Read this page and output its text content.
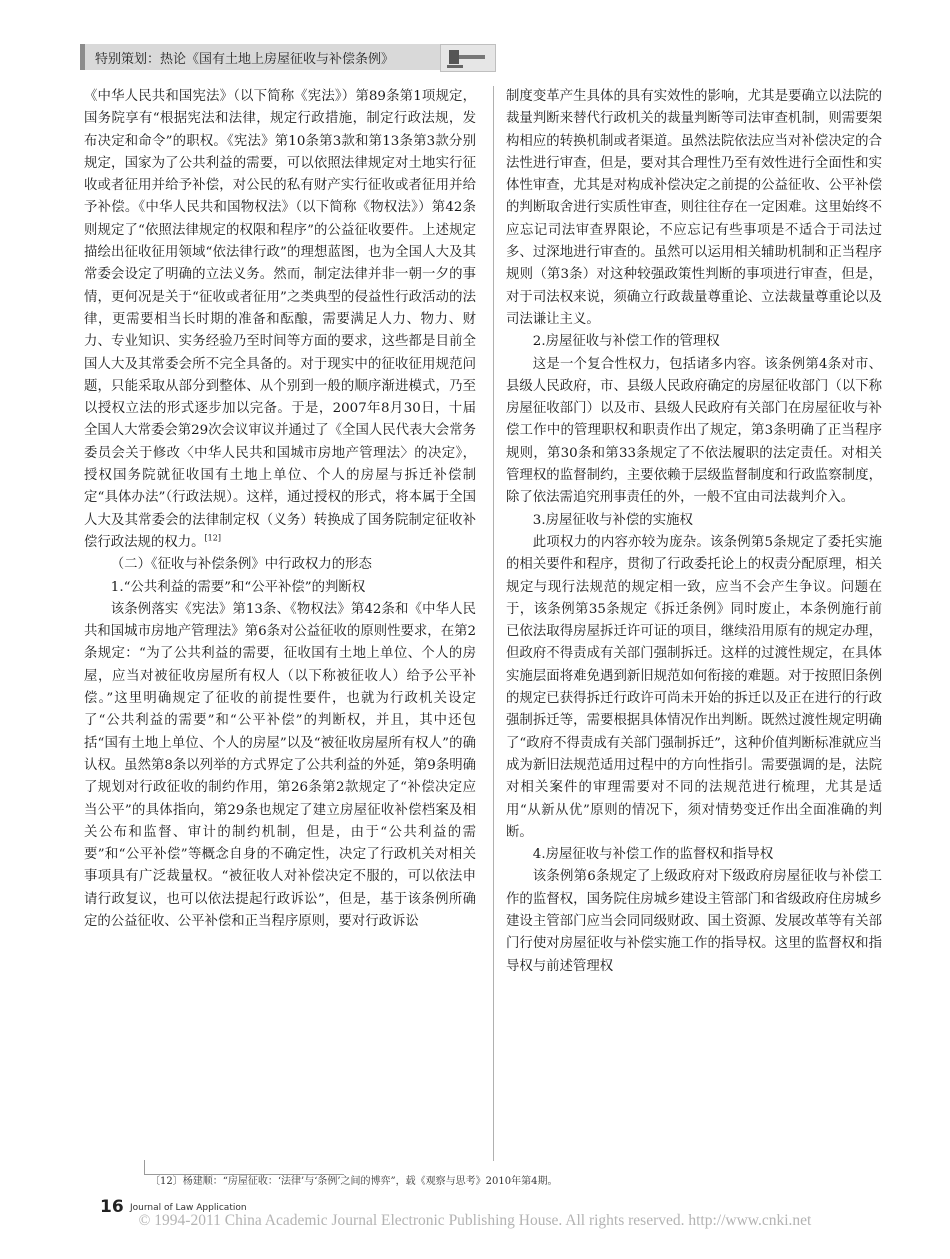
特别策划：热论《国有土地上房屋征收与补偿条例》

《中华人民共和国宪法》（以下简称《宪法》）第89条第1项规定，国务院享有“根据宪法和法律，规定行政措施，制定行政法规，发布决定和命令”的职权。《宪法》第10条第3款和第13条第3款分别规定，国家为了公共利益的需要，可以依照法律规定对土地实行征收或者征用并给予补偿，对公民的私有财产实行征收或者征用并给予补偿。《中华人民共和国物权法》（以下简称《物权法》）第42条则规定了“依照法律规定的权限和程序”的公益征收要件。上述规定描绘出征收征用领域“依法律行政”的理想蓝图，也为全国人大及其常委会设定了明确的立法义务。然而，制定法律并非一朝一夕的事情，更何况是关于“征收或者征用”之类典型的侵益性行政活动的法律，更需要相当长时期的准备和酝酿，需要满足人力、物力、财力、专业知识、实务经验乃至时间等方面的要求，这些都是目前全国人大及其常委会所不完全具备的。对于现实中的征收征用规范问题，只能采取从部分到整体、从个别到一般的顺序渐进模式，乃至以授权立法的形式逐步加以完备。于是，2007年8月30日，十届全国人大常委会第29次会议审议并通过了《全国人民代表大会常务委员会关于修改〈中华人民共和国城市房地产管理法〉的决定》，授权国务院就征收国有土地上单位、个人的房屋与拆迁补偿制定“具体办法”（行政法规）。这样，通过授权的形式，将本属于全国人大及其常委会的法律制定权（义务）转换成了国务院制定征收补偿行政法规的权力。[12]

（二）《征收与补偿条例》中行政权力的形态
1.“公共利益的需要”和“公平补偿”的判断权

该条例落实《宪法》第13条、《物权法》第42条和《中华人民共和国城市房地产管理法》第6条对公益征收的原则性要求，在第2条规定：“为了公共利益的需要，征收国有土地上单位、个人的房屋，应当对被征收房屋所有权人（以下称被征收人）给予公平补偿。”这里明确规定了征收的前提性要件，也就为行政机关设定了“公共利益的需要”和“公平补偿”的判断权，并且，其中还包括“国有土地上单位、个人的房屋”以及“被征收房屋所有权人”的确认权。虽然第8条以列举的方式界定了公共利益的外延，第9条明确了规划对行政征收的制约作用，第26条第2款规定了“补偿决定应当公平”的具体指向，第29条也规定了建立房屋征收补偿档案及相关公布和监督、审计的制约机制，但是，由于“公共利益的需要”和“公平补偿”等概念自身的不确定性，决定了行政机关对相关事项具有广泛裁量权。“被征收人对补偿决定不服的，可以依法申请行政复议，也可以依法提起行政诉讼”，但是，基于该条例所确定的公益征收、公平补偿和正当程序原则，要对行政诉讼

制度变革产生具体的具有实效性的影响，尤其是要确立以法院的裁量判断来替代行政机关的裁量判断等司法审查机制，则需要架构相应的转换机制或者渠道。虽然法院依法应当对补偿决定的合法性进行审查，但是，要对其合理性乃至有效性进行全面性和实体性审查，尤其是对构成补偿决定之前提的公益征收、公平补偿的判断取舍进行实质性审查，则往往存在一定困难。这里始终不应忘记司法审查界限论，不应忘记有些事项是不适合于司法过多、过深地进行审查的。虽然可以运用相关辅助机制和正当程序规则（第3条）对这种较强政策性判断的事项进行审查，但是，对于司法权来说，须确立行政裁量尊重论、立法裁量尊重论以及司法谦让主义。

2.房屋征收与补偿工作的管理权

这是一个复合性权力，包括诸多内容。该条例第4条对市、县级人民政府，市、县级人民政府确定的房屋征收部门（以下称房屋征收部门）以及市、县级人民政府有关部门在房屋征收与补偿工作中的管理职权和职责作出了规定，第3条明确了正当程序规则，第30条和第33条规定了不依法履职的法定责任。对相关管理权的监督制约，主要依赖于层级监督制度和行政监察制度，除了依法需追究刑事责任的外，一般不宜由司法裁判介入。

3.房屋征收与补偿的实施权

此项权力的内容亦较为庞杂。该条例第5条规定了委托实施的相关要件和程序，贯彻了行政委托论上的权责分配原理，相关规定与现行法规范的规定相一致，应当不会产生争议。问题在于，该条例第35条规定《拆迁条例》同时废止，本条例施行前已依法取得房屋拆迁许可证的项目，继续沿用原有的规定办理，但政府不得责成有关部门强制拆迁。这样的过渡性规定，在具体实施层面将难免遇到新旧规范如何衔接的难题。对于按照旧条例的规定已获得拆迁行政许可尚未开始的拆迁以及正在进行的行政强制拆迁等，需要根据具体情况作出判断。既然过渡性规定明确了“政府不得责成有关部门强制拆迁”，这种价值判断标准就应当成为新旧法规范适用过程中的方向性指引。需要强调的是，法院对相关案件的审理需要对不同的法规范进行梳理，尤其是适用“从新从优”原则的情况下，须对情势变迁作出全面准确的判断。

4.房屋征收与补偿工作的监督权和指导权

该条例第6条规定了上级政府对下级政府房屋征收与补偿工作的监督权，国务院住房城乡建设主管部门和省级政府住房城乡建设主管部门应当会同同级财政、国土资源、发展改革等有关部门行使对房屋征收与补偿实施工作的指导权。这里的监督权和指导权与前述管理权

〔12〕杨建顺：“房屋征收：‘法律’与‘条例’之间的博弈”，载《观察与思考》2010年第4期。
16 Journal of Law Application
© 1994-2011 China Academic Journal Electronic Publishing House. All rights reserved. http://www.cnki.net
